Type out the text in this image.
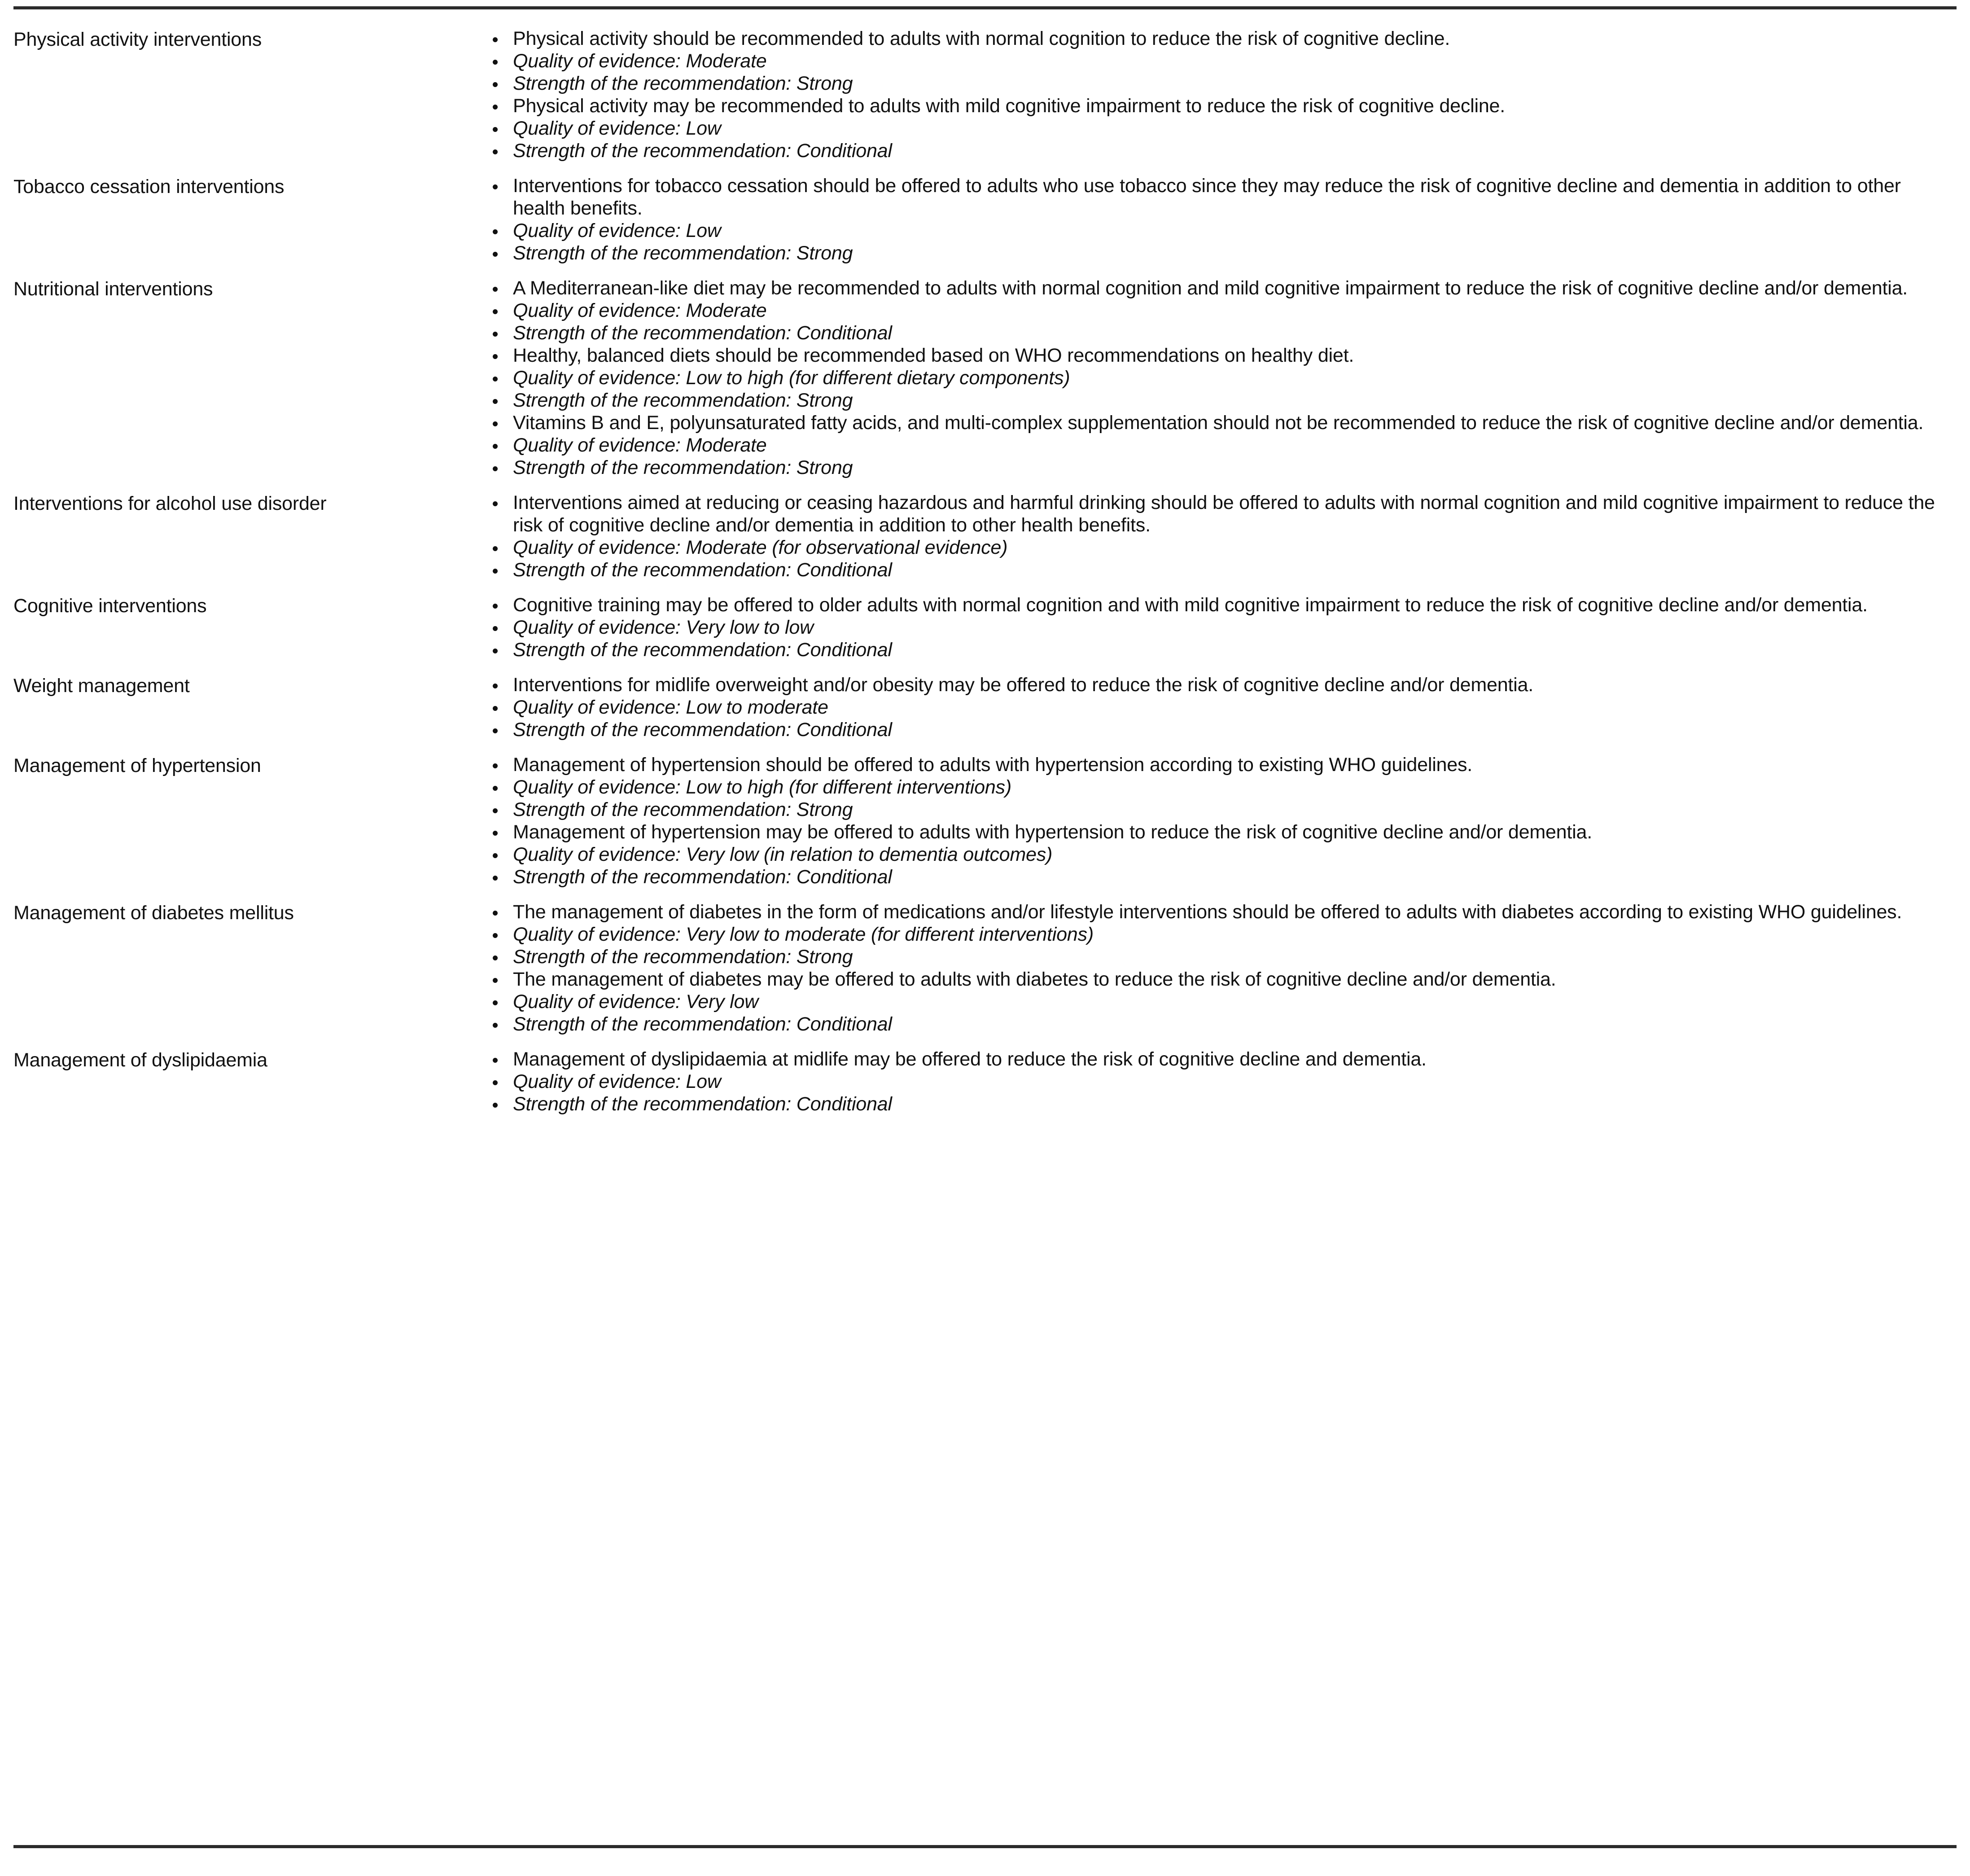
Physical activity interventions	Physical activity should be recommended to adults with normal cognition to reduce the risk of cognitive decline.
Quality of evidence: Moderate
Strength of the recommendation: Strong
Physical activity may be recommended to adults with mild cognitive impairment to reduce the risk of cognitive decline.
Quality of evidence: Low
Strength of the recommendation: Conditional

Tobacco cessation interventions	Interventions for tobacco cessation should be offered to adults who use tobacco since they may reduce the risk of cognitive decline and dementia in addition to other health benefits.
Quality of evidence: Low
Strength of the recommendation: Strong

Nutritional interventions	A Mediterranean-like diet may be recommended to adults with normal cognition and mild cognitive impairment to reduce the risk of cognitive decline and/or dementia.
Quality of evidence: Moderate
Strength of the recommendation: Conditional
Healthy, balanced diets should be recommended based on WHO recommendations on healthy diet.
Quality of evidence: Low to high (for different dietary components)
Strength of the recommendation: Strong
Vitamins B and E, polyunsaturated fatty acids, and multi-complex supplementation should not be recommended to reduce the risk of cognitive decline and/or dementia.
Quality of evidence: Moderate
Strength of the recommendation: Strong

Interventions for alcohol use disorder	Interventions aimed at reducing or ceasing hazardous and harmful drinking should be offered to adults with normal cognition and mild cognitive impairment to reduce the risk of cognitive decline and/or dementia in addition to other health benefits.
Quality of evidence: Moderate (for observational evidence)
Strength of the recommendation: Conditional

Cognitive interventions	Cognitive training may be offered to older adults with normal cognition and with mild cognitive impairment to reduce the risk of cognitive decline and/or dementia.
Quality of evidence: Very low to low
Strength of the recommendation: Conditional

Weight management	Interventions for midlife overweight and/or obesity may be offered to reduce the risk of cognitive decline and/or dementia.
Quality of evidence: Low to moderate
Strength of the recommendation: Conditional

Management of hypertension	Management of hypertension should be offered to adults with hypertension according to existing WHO guidelines.
Quality of evidence: Low to high (for different interventions)
Strength of the recommendation: Strong
Management of hypertension may be offered to adults with hypertension to reduce the risk of cognitive decline and/or dementia.
Quality of evidence: Very low (in relation to dementia outcomes)
Strength of the recommendation: Conditional

Management of diabetes mellitus	The management of diabetes in the form of medications and/or lifestyle interventions should be offered to adults with diabetes according to existing WHO guidelines.
Quality of evidence: Very low to moderate (for different interventions)
Strength of the recommendation: Strong
The management of diabetes may be offered to adults with diabetes to reduce the risk of cognitive decline and/or dementia.
Quality of evidence: Very low
Strength of the recommendation: Conditional

Management of dyslipidaemia	Management of dyslipidaemia at midlife may be offered to reduce the risk of cognitive decline and dementia.
Quality of evidence: Low
Strength of the recommendation: Conditional
